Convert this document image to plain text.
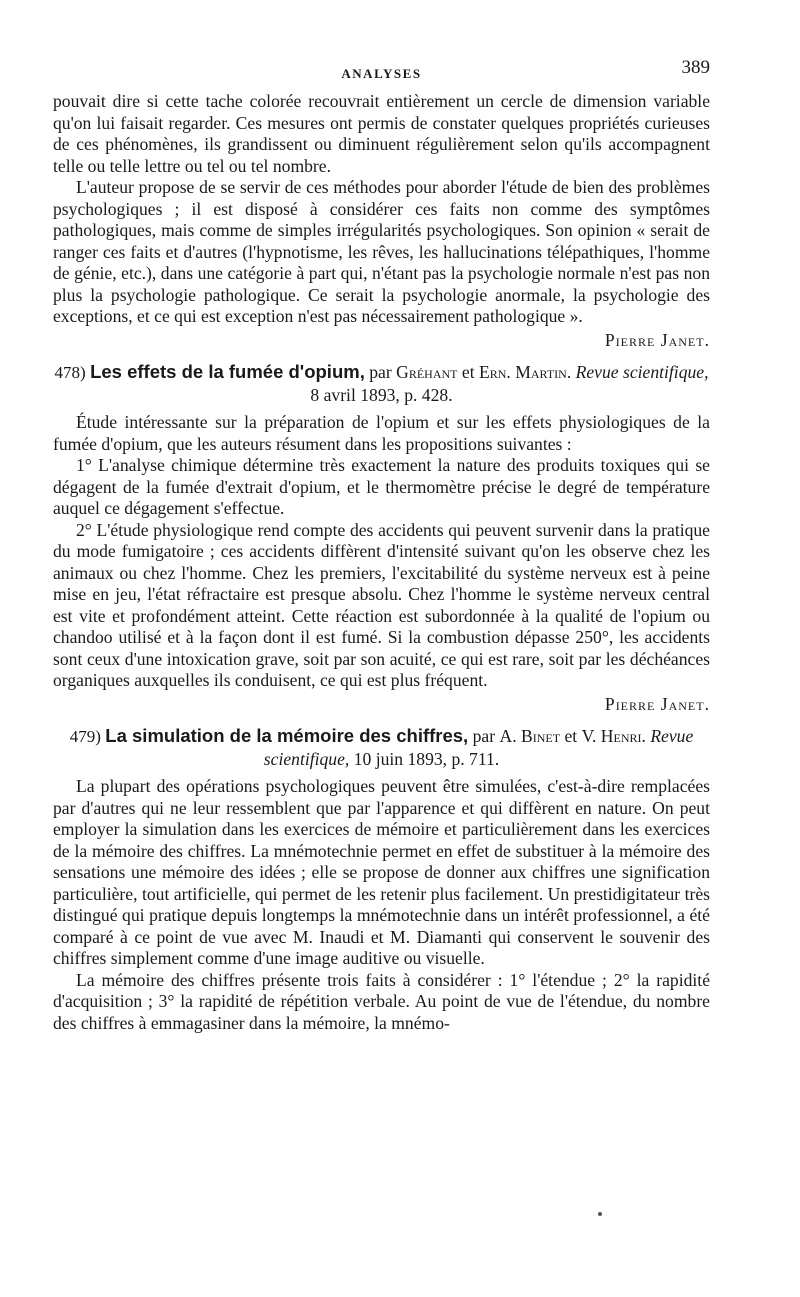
ANALYSES	389

pouvait dire si cette tache colorée recouvrait entièrement un cercle de dimension variable qu'on lui faisait regarder. Ces mesures ont permis de constater quelques propriétés curieuses de ces phénomènes, ils grandissent ou diminuent régulièrement selon qu'ils accompagnent telle ou telle lettre ou tel ou tel nombre.

L'auteur propose de se servir de ces méthodes pour aborder l'étude de bien des problèmes psychologiques ; il est disposé à considérer ces faits non comme des symptômes pathologiques, mais comme de simples irrégularités psychologiques. Son opinion « serait de ranger ces faits et d'autres (l'hypnotisme, les rêves, les hallucinations télépathiques, l'homme de génie, etc.), dans une catégorie à part qui, n'étant pas la psychologie normale n'est pas non plus la psychologie pathologique. Ce serait la psychologie anormale, la psychologie des exceptions, et ce qui est exception n'est pas nécessairement pathologique ».

Pierre Janet.
478) Les effets de la fumée d'opium, par Gréhant et Ern. Martin. Revue scientifique, 8 avril 1893, p. 428.

Étude intéressante sur la préparation de l'opium et sur les effets physiologiques de la fumée d'opium, que les auteurs résument dans les propositions suivantes :

1° L'analyse chimique détermine très exactement la nature des produits toxiques qui se dégagent de la fumée d'extrait d'opium, et le thermomètre précise le degré de température auquel ce dégagement s'effectue.

2° L'étude physiologique rend compte des accidents qui peuvent survenir dans la pratique du mode fumigatoire ; ces accidents diffèrent d'intensité suivant qu'on les observe chez les animaux ou chez l'homme. Chez les premiers, l'excitabilité du système nerveux est à peine mise en jeu, l'état réfractaire est presque absolu. Chez l'homme le système nerveux central est vite et profondément atteint. Cette réaction est subordonnée à la qualité de l'opium ou chandoo utilisé et à la façon dont il est fumé. Si la combustion dépasse 250°, les accidents sont ceux d'une intoxication grave, soit par son acuité, ce qui est rare, soit par les déchéances organiques auxquelles ils conduisent, ce qui est plus fréquent.

Pierre Janet.
479) La simulation de la mémoire des chiffres, par A. Binet et V. Henri. Revue scientifique, 10 juin 1893, p. 711.

La plupart des opérations psychologiques peuvent être simulées, c'est-à-dire remplacées par d'autres qui ne leur ressemblent que par l'apparence et qui diffèrent en nature. On peut employer la simulation dans les exercices de mémoire et particulièrement dans les exercices de la mémoire des chiffres. La mnémotechnie permet en effet de substituer à la mémoire des sensations une mémoire des idées ; elle se propose de donner aux chiffres une signification particulière, tout artificielle, qui permet de les retenir plus facilement. Un prestidigitateur très distingué qui pratique depuis longtemps la mnémotechnie dans un intérêt professionnel, a été comparé à ce point de vue avec M. Inaudi et M. Diamanti qui conservent le souvenir des chiffres simplement comme d'une image auditive ou visuelle.

La mémoire des chiffres présente trois faits à considérer : 1° l'étendue ; 2° la rapidité d'acquisition ; 3° la rapidité de répétition verbale. Au point de vue de l'étendue, du nombre des chiffres à emmagasiner dans la mémoire, la mnémo-
